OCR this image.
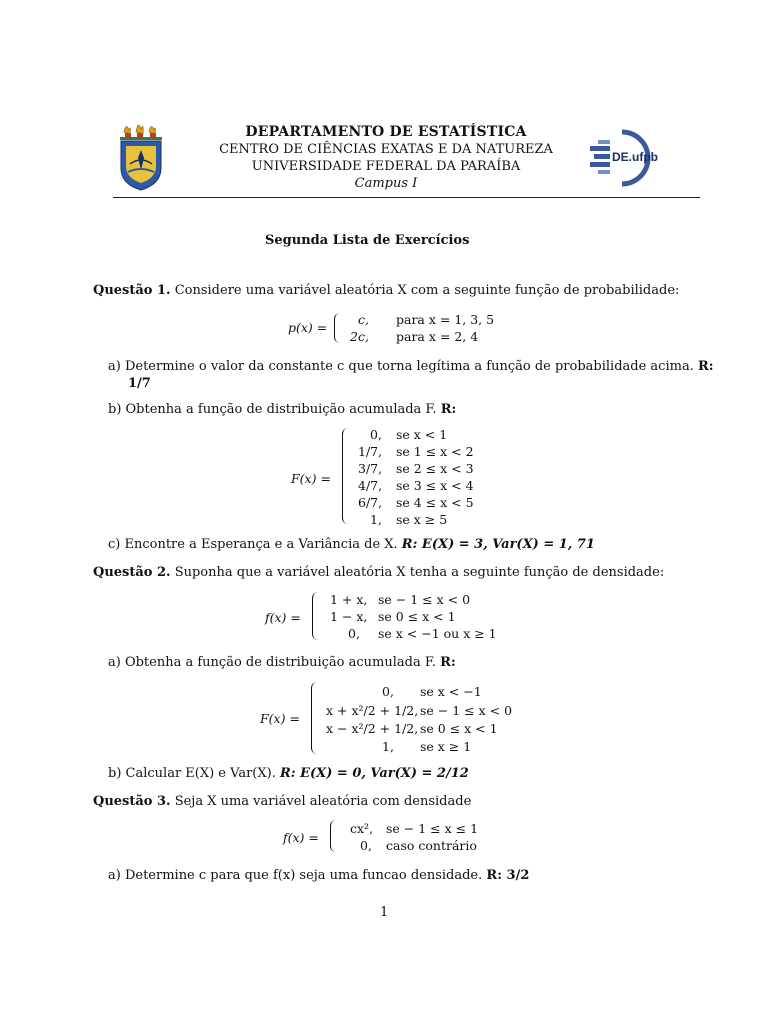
DEPARTAMENTO DE ESTATÍSTICA
CENTRO DE CIÊNCIAS EXATAS E DA NATUREZA
UNIVERSIDADE FEDERAL DA PARAÍBA
Campus I
DE.ufpb
Segunda Lista de Exercícios
Questão 1. Considere uma variável aleatória X com a seguinte função de probabilidade:
p(x) =
c, para x = 1, 3, 5
2c, para x = 2, 4
a) Determine o valor da constante c que torna legítima a função de probabilidade acima. R:
1/7
b) Obtenha a função de distribuição acumulada F. R:
F(x) =
0, se x < 1
1/7, se 1 ≤ x < 2
3/7, se 2 ≤ x < 3
4/7, se 3 ≤ x < 4
6/7, se 4 ≤ x < 5
1, se x ≥ 5
c) Encontre a Esperança e a Variância de X. R: E(X) = 3, Var(X) = 1, 71
Questão 2. Suponha que a variável aleatória X tenha a seguinte função de densidade:
f(x) =
1 + x, se − 1 ≤ x < 0
1 − x, se 0 ≤ x < 1
0, se x < −1 ou x ≥ 1
a) Obtenha a função de distribuição acumulada F. R:
F(x) =
0, se x < −1
x + x²/2 + 1/2, se − 1 ≤ x < 0
x − x²/2 + 1/2, se 0 ≤ x < 1
1, se x ≥ 1
b) Calcular E(X) e Var(X). R: E(X) = 0, Var(X) = 2/12
Questão 3. Seja X uma variável aleatória com densidade
f(x) =
cx², se − 1 ≤ x ≤ 1
0, caso contrário
a) Determine c para que f(x) seja uma funcao densidade. R: 3/2
1
